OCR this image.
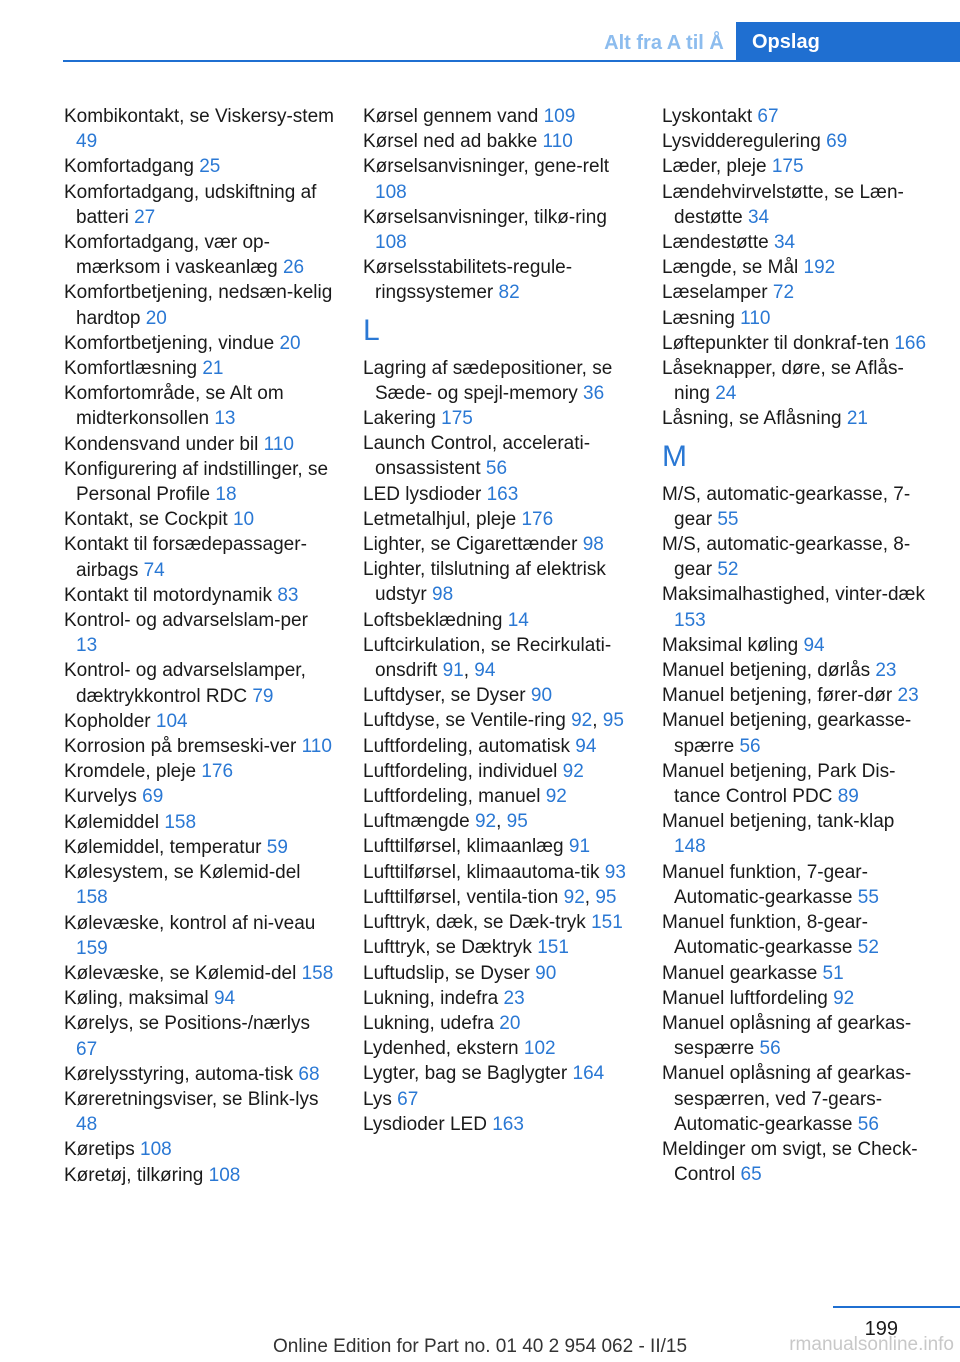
Alt fra A til Å	Opslag
Kombikontakt, se Viskersy-stem 49
Komfortadgang 25
Komfortadgang, udskiftning af batteri 27
Komfortadgang, vær op-mærksom i vaskeanlæg 26
Komfortbetjening, nedsæn-kelig hardtop 20
Komfortbetjening, vindue 20
Komfortlæsning 21
Komfortområde, se Alt om midterkonsollen 13
Kondensvand under bil 110
Konfigurering af indstillinger, se Personal Profile 18
Kontakt, se Cockpit 10
Kontakt til forsædepassager-airbags 74
Kontakt til motordynamik 83
Kontrol- og advarselslam-per 13
Kontrol- og advarselslamper, dæktrykkontrol RDC 79
Kopholder 104
Korrosion på bremseski-ver 110
Kromdele, pleje 176
Kurvelys 69
Kølemiddel 158
Kølemiddel, temperatur 59
Kølesystem, se Kølemid-del 158
Kølevæske, kontrol af ni-veau 159
Kølevæske, se Kølemid-del 158
Køling, maksimal 94
Kørelys, se Positions-/nærlys 67
Kørelysstyring, automa-tisk 68
Køreretningsviser, se Blink-lys 48
Køretips 108
Køretøj, tilkøring 108
Kørsel gennem vand 109
Kørsel ned ad bakke 110
Kørselsanvisninger, gene-relt 108
Kørselsanvisninger, tilkø-ring 108
Kørselsstabilitets-regule-ringssystemer 82
L
Lagring af sædepositioner, se Sæde- og spejl-memory 36
Lakering 175
Launch Control, accelerati-onsassistent 56
LED lysdioder 163
Letmetalhjul, pleje 176
Lighter, se Cigarettænder 98
Lighter, tilslutning af elektrisk udstyr 98
Loftsbeklædning 14
Luftcirkulation, se Recirkulati-onsdrift 91, 94
Luftdyser, se Dyser 90
Luftdyse, se Ventile-ring 92, 95
Luftfordeling, automatisk 94
Luftfordeling, individuel 92
Luftfordeling, manuel 92
Luftmængde 92, 95
Lufttilførsel, klimaanlæg 91
Lufttilførsel, klimaautoma-tik 93
Lufttilførsel, ventila-tion 92, 95
Lufttryk, dæk, se Dæk-tryk 151
Lufttryk, se Dæktryk 151
Luftudslip, se Dyser 90
Lukning, indefra 23
Lukning, udefra 20
Lydenhed, ekstern 102
Lygter, bag se Baglygter 164
Lys 67
Lysdioder LED 163
Lyskontakt 67
Lysvidderegulering 69
Læder, pleje 175
Lændehvirvelstøtte, se Læn-destøtte 34
Lændestøtte 34
Længde, se Mål 192
Læselamper 72
Læsning 110
Løftepunkter til donkraf-ten 166
Låseknapper, døre, se Aflås-ning 24
Låsning, se Aflåsning 21
M
M/S, automatic-gearkasse, 7-gear 55
M/S, automatic-gearkasse, 8-gear 52
Maksimalhastighed, vinter-dæk 153
Maksimal køling 94
Manuel betjening, dørlås 23
Manuel betjening, fører-dør 23
Manuel betjening, gearkasse-spærre 56
Manuel betjening, Park Dis-tance Control PDC 89
Manuel betjening, tank-klap 148
Manuel funktion, 7-gear-Automatic-gearkasse 55
Manuel funktion, 8-gear-Automatic-gearkasse 52
Manuel gearkasse 51
Manuel luftfordeling 92
Manuel oplåsning af gearkas-sespærre 56
Manuel oplåsning af gearkas-sespærren, ved 7-gears-Automatic-gearkasse 56
Meldinger om svigt, se Check-Control 65
199
Online Edition for Part no. 01 40 2 954 062 - II/15	rmanualsonline.info
